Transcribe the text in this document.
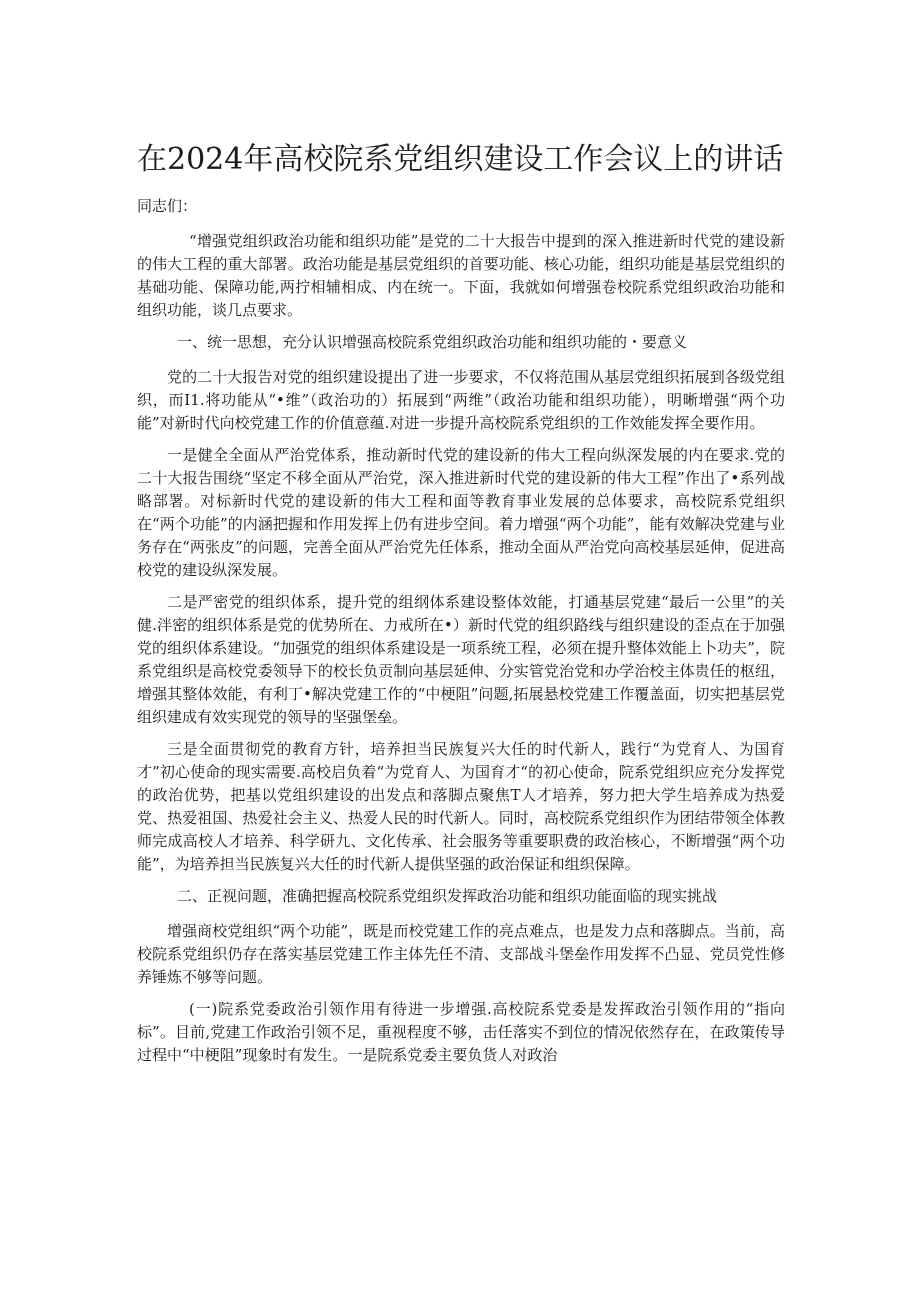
在2024年高校院系党组织建设工作会议上的讲话
同志们：

“增强党组织政治功能和组织功能”是党的二十大报告中提到的深入推进新时代党的建设新的伟大工程的重大部署。政治功能是基层党组织的首要功能、核心功能，组织功能是基层党组织的基础功能、保障功能,两拧相辅相成、内在统一。下面，我就如何增强卷校院系党组织政治功能和组织功能，谈几点要求。

一、统一思想，充分认识增强高校院系党组织政治功能和组织功能的・要意义

党的二十大报告对党的组织建设提出了进一步要求，不仅将范围从基层党组织拓展到各级党组织，而I1.将功能从“•维”（政治功的）拓展到“两维”（政治功能和组织功能），明晰增强“两个功能”对新时代向校党建工作的价值意蕴.对进一步提升高校院系党组织的工作效能发挥全要作用。

一是健全全面从严治党体系，推动新时代党的建设新的伟大工程向纵深发展的内在要求.党的二十大报告围绕“坚定不移全面从严治党，深入推进新时代党的建设新的伟大工程”作出了•系列战略部署。对标新时代党的建设新的伟大工程和面等教育事业发展的总体要求，高校院系党组织在“两个功能”的内涵把握和作用发挥上仍有进步空间。着力增强“两个功能”，能有效解决党建与业务存在“两张皮”的问题，完善全面从严治党先任体系，推动全面从严治党向高校基层延伸，促进高校党的建设纵深发展。

二是严密党的组织体系，提升党的组纲体系建设整体效能，打通基层党建“最后一公里”的关健.泮密的组织体系是党的优势所在、力戒所在•）新时代党的组织路线与组织建设的歪点在于加强党的组织体系建设。“加强党的组织体系建设是一项系统工程，必须在提升整体效能上卜功夫”，院系党组织是高校党委领导下的校长负贡制向基层延伸、分实管党治党和办学治校主体贵任的枢纽，增强其整体效能，有利丁•解决党建工作的“中梗阻”问题,拓展悬校党建工作覆盖面，切实把基层党组织建成有效实现党的领导的坚强堡垒。

三是全面贯彻党的教育方针，培养担当民族复兴大任的时代新人，践行“为党育人、为国育才”初心使命的现实需要.高校启负着“为党育人、为国育才“的初心使命，院系党组织应充分发挥党的政治优势，把基以党组织建设的出发点和落脚点聚焦T人才培养，努力把大学生培养成为热爱党、热爱祖国、热爱社会主义、热爱人民的时代新人。同时，高校院系党组织作为团结带领全体教师完成高校人才培养、科学研九、文化传承、社会服务等重要职费的政治核心，不断增强“两个功能”，为培养担当民族复兴大任的时代新人提供坚强的政治保证和组织保障。

二、正视问题，准确把握高校院系党组织发挥政治功能和组织功能面临的现实挑战

增强商校党组织“两个功能”，既是而校党建工作的亮点难点，也是发力点和落脚点。当前，高校院系党组织仍存在落实基层党建工作主体先任不清、支部战斗堡垒作用发挥不凸显、党员党性修养锤炼不够等问题。

(一)院系党委政治引领作用有待进一步增强.高校院系党委是发挥政治引领作用的“指向标”。目前,党建工作政治引领不足，重视程度不够，击任落实不到位的情况依然存在，在政策传导过程中“中梗阻”现象时有发生。一是院系党委主要负货人对政治
